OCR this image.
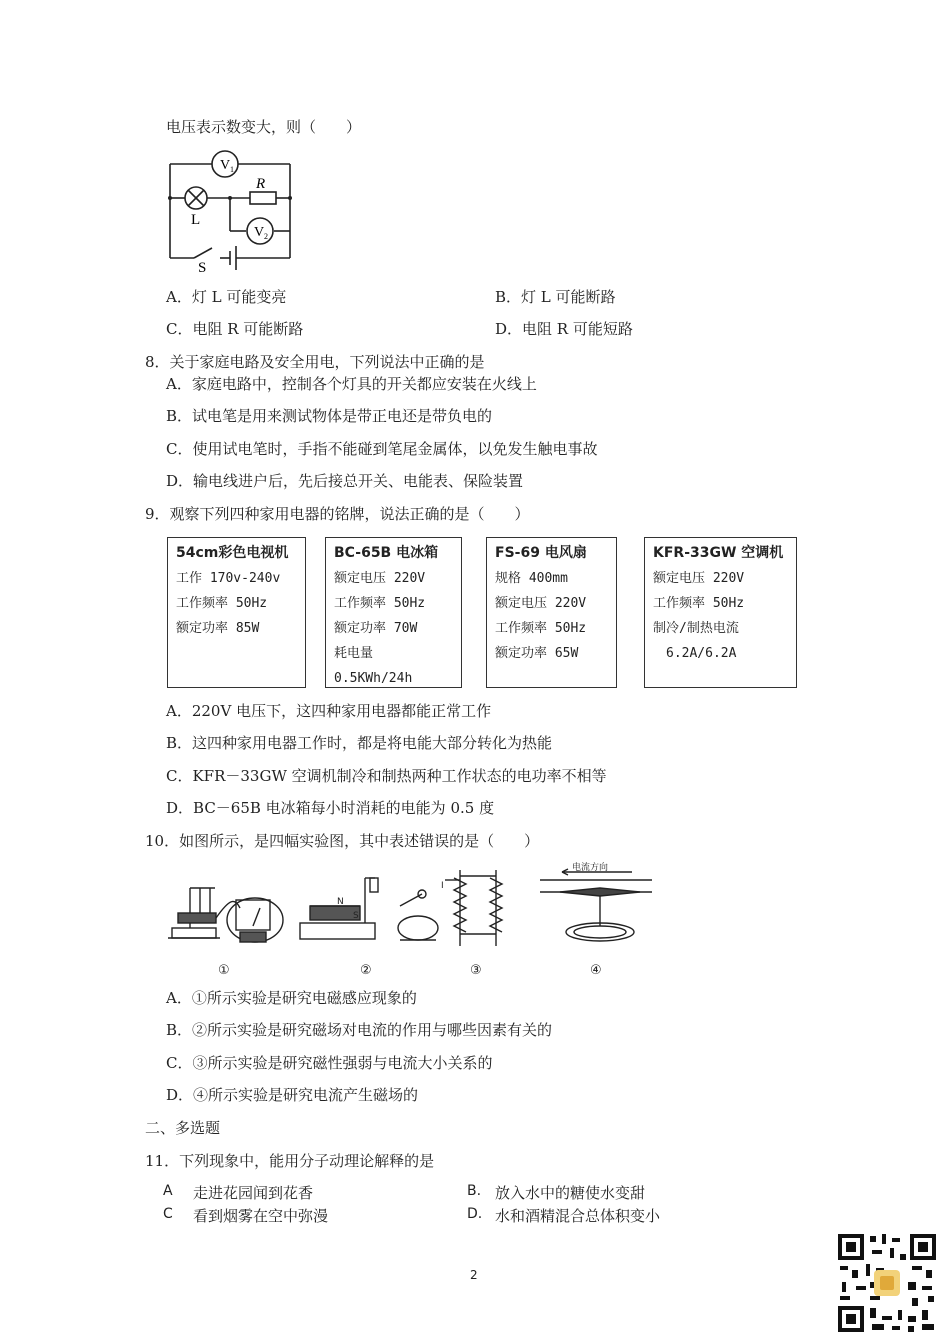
电压表示数变大，则（　　）
V 1
V 2
R
L
S
A．灯 L 可能变亮	B．灯 L 可能断路
C．电阻 R 可能断路	D．电阻 R 可能短路
8．关于家庭电路及安全用电，下列说法中正确的是
A．家庭电路中，控制各个灯具的开关都应安装在火线上
B．试电笔是用来测试物体是带正电还是带负电的
C．使用试电笔时，手指不能碰到笔尾金属体，以免发生触电事故
D．输电线进户后，先后接总开关、电能表、保险装置
9．观察下列四种家用电器的铭牌，说法正确的是（　　）
54cm彩色电视机
工作 170v-240v
工作频率 50Hz
额定功率 85W
BC-65B 电冰箱
额定电压 220V
工作频率 50Hz
额定功率 70W
耗电量
0.5KWh/24h
FS-69 电风扇
规格 400mm
额定电压 220V
工作频率 50Hz
额定功率 65W
KFR-33GW 空调机
额定电压 220V
工作频率 50Hz
制冷/制热电流
　6.2A/6.2A
A．220V 电压下，这四种家用电器都能正常工作
B．这四种家用电器工作时，都是将电能大部分转化为热能
C．KFR－33GW 空调机制冷和制热两种工作状态的电功率不相等
D．BC－65B 电冰箱每小时消耗的电能为 0.5 度
10．如图所示，是四幅实验图，其中表述错误的是（　　）
N
S
I
电流方向
①	②	③	④
A．①所示实验是研究电磁感应现象的
B．②所示实验是研究磁场对电流的作用与哪些因素有关的
C．③所示实验是研究磁性强弱与电流大小关系的
D．④所示实验是研究电流产生磁场的
二、多选题
11．下列现象中，能用分子动理论解释的是
A 走进花园闻到花香	B. 放入水中的糖使水变甜
C 看到烟雾在空中弥漫	D. 水和酒精混合总体积变小
2
